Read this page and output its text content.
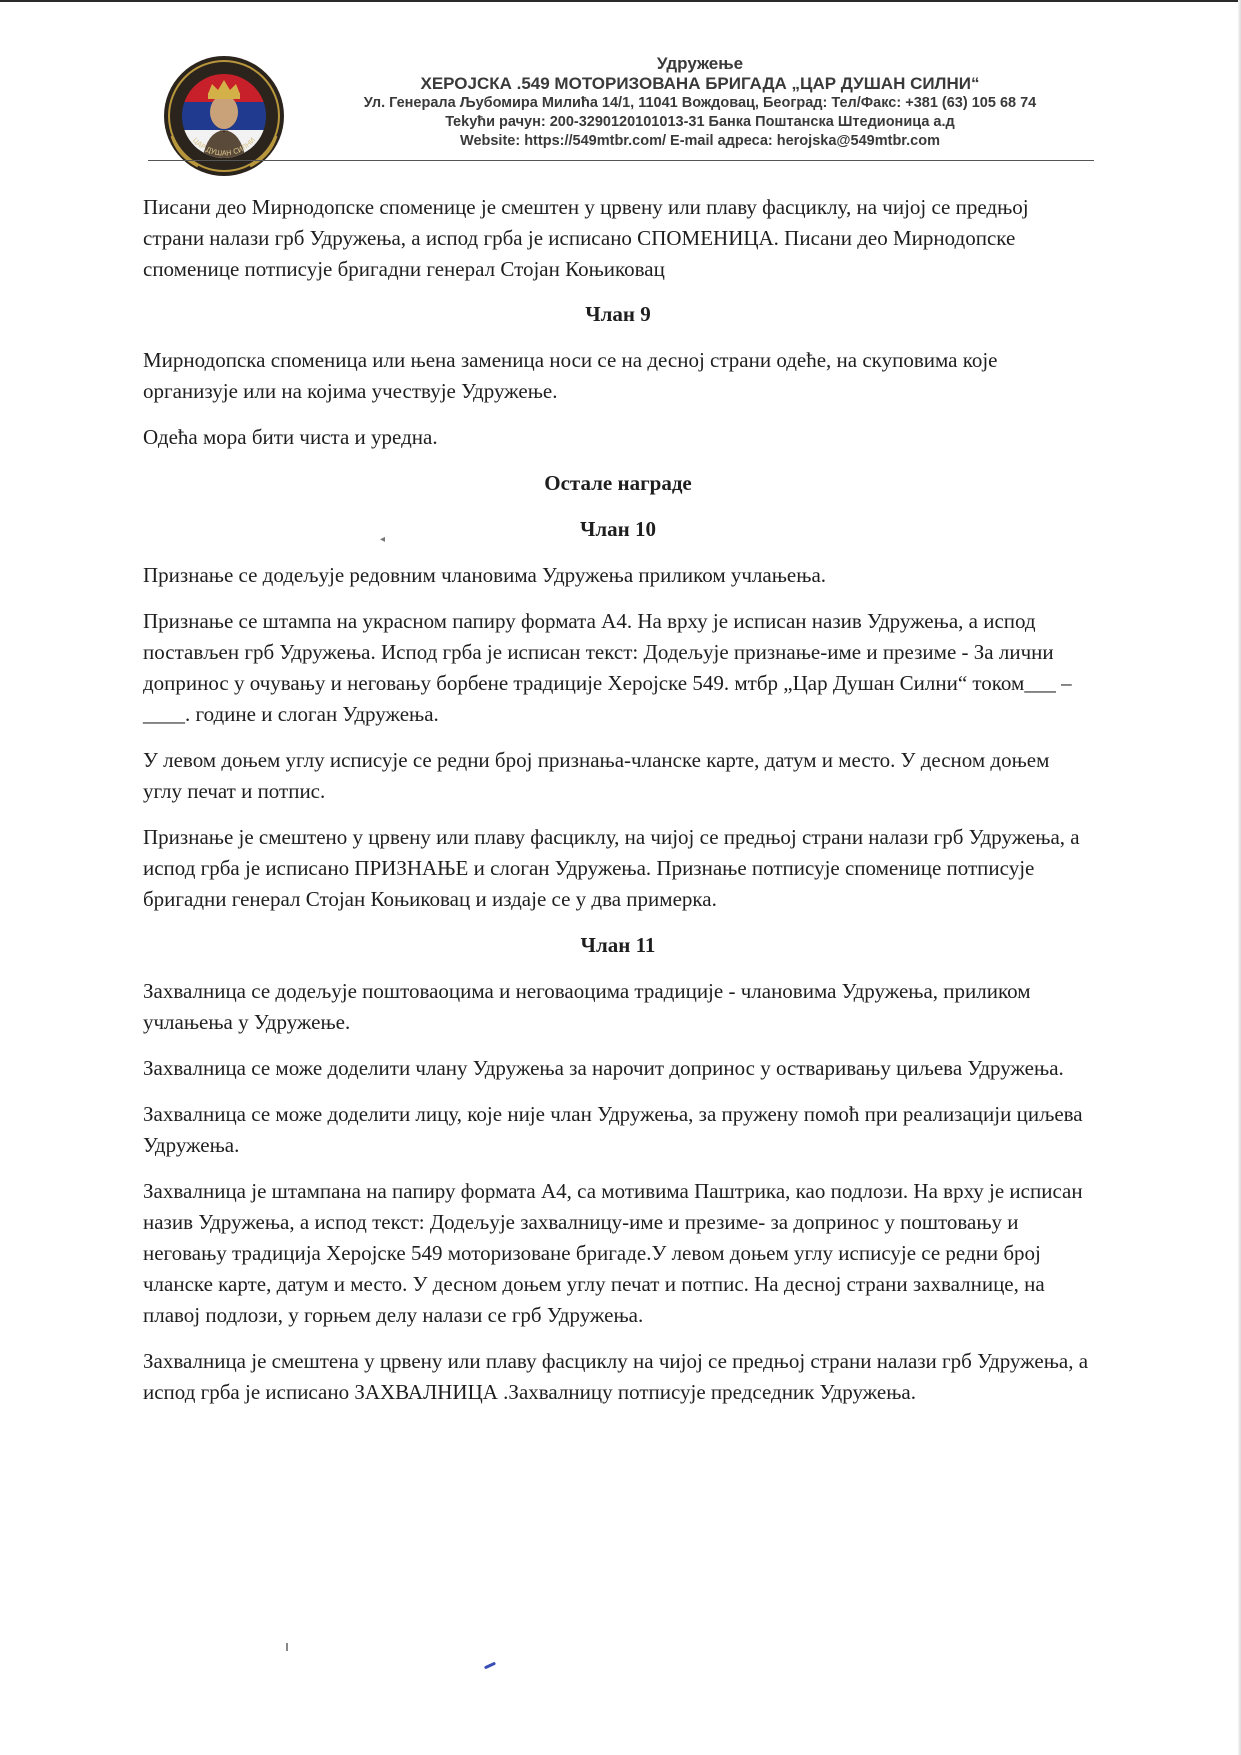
ЦАР ДУШАН СИЛНИ
Удружење
ХЕРОЈСКА .549 МОТОРИЗОВАНА БРИГАДА „ЦАР ДУШАН СИЛНИ“
Ул. Генерала Љубомира Милића 14/1, 11041 Вождовац, Београд: Тел/Факс: +381 (63) 105 68 74
Tekући рачун: 200-3290120101013-31 Банка Поштанска Штедионица а.д
Website: https://549mtbr.com/ E-mail адреса: herojska@549mtbr.com

Писани део Мирнодопске споменице је смештен у црвену или плаву фасциклу, на чијој се предњој страни налази грб Удружења, а испод грба је исписано СПОМЕНИЦА. Писани део Мирнодопске споменице потписује бригадни генерал Стојан Коњиковац

Члан 9

Мирнодопска споменица или њена заменица носи се на десној страни одеће, на скуповима које организује или на којима учествује Удружење.

Одећа мора бити чиста и уредна.

Остале награде
Члан 10

Признање се додељује редовним члановима Удружења приликом учлањења.

Признање се штампа на украсном папиру формата А4. На врху је исписан назив Удружења, а испод постављен грб Удружења. Испод грба је исписан текст: Додељује признање-име и презиме - За лични допринос у очувању и неговању борбене традиције Херојске 549. мтбр „Цар Душан Силни“ током___ –____. године и слоган Удружења.

У левом доњем углу исписује се редни број признања-чланске карте, датум и место. У десном доњем углу печат и потпис.

Признање је смештено у црвену или плаву фасциклу, на чијој се предњој страни налази грб Удружења, а испод грба је исписано ПРИЗНАЊЕ и слоган Удружења. Признање потписује споменице потписује бригадни генерал Стојан Коњиковац и издаје се у два примерка.

Члан 11

Захвалница се додељује поштоваоцима и неговаоцима традиције - члановима Удружења, приликом учлањења у Удружење.

Захвалница се може доделити члану Удружења за нарочит допринос у остваривању циљева Удружења.

Захвалница се може доделити лицу, које није члан Удружења, за пружену помоћ при реализацији циљева Удружења.

Захвалница је штампана на папиру формата А4, са мотивима Паштрика, као подлози. На врху је исписан назив Удружења, а испод текст: Додељује захвалницу-име и презиме- за допринос у поштовању и неговању традиција Херојске 549 моторизоване бригаде.У левом доњем углу исписује се редни број чланске карте, датум и место. У десном доњем углу печат и потпис. На десној страни захвалнице, на плавој подлози, у горњем делу налази се грб Удружења.

Захвалница је смештена у црвену или плаву фасциклу на чијој се предњој страни налази грб Удружења, а испод грба је исписано ЗАХВАЛНИЦА .Захвалницу потписује председник Удружења.

◂
